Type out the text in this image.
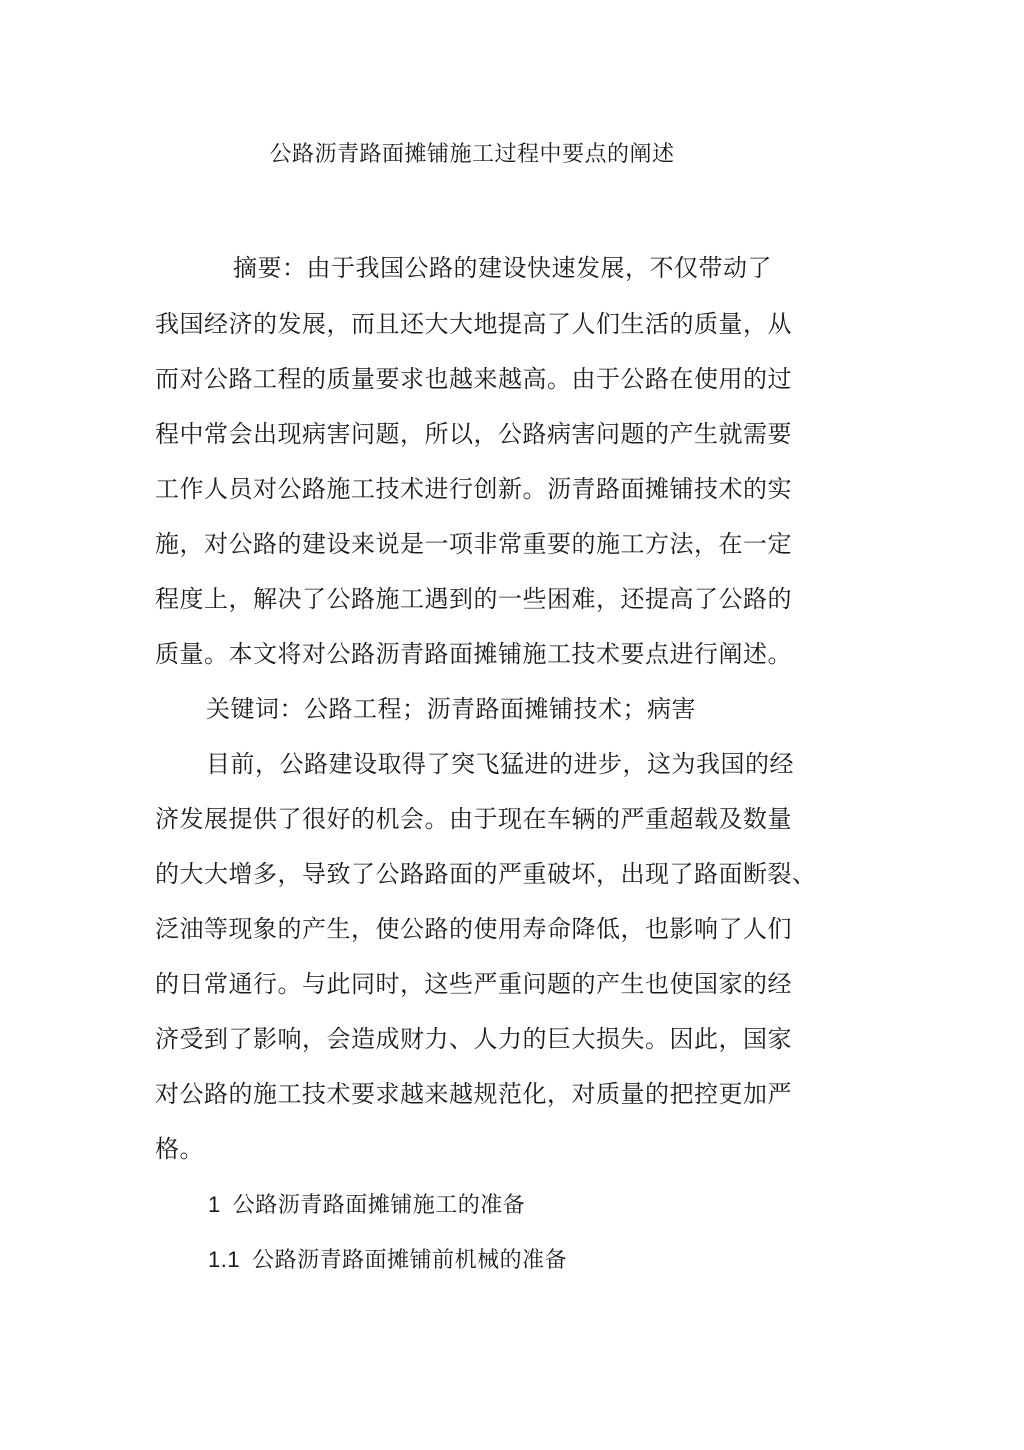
公路沥青路面摊铺施工过程中要点的阐述
摘要：由于我国公路的建设快速发展，不仅带动了
我国经济的发展，而且还大大地提高了人们生活的质量，从
而对公路工程的质量要求也越来越高。由于公路在使用的过
程中常会出现病害问题，所以，公路病害问题的产生就需要
工作人员对公路施工技术进行创新。沥青路面摊铺技术的实
施，对公路的建设来说是一项非常重要的施工方法，在一定
程度上，解决了公路施工遇到的一些困难，还提高了公路的
质量。本文将对公路沥青路面摊铺施工技术要点进行阐述。
关键词：公路工程；沥青路面摊铺技术；病害
目前，公路建设取得了突飞猛进的进步，这为我国的经
济发展提供了很好的机会。由于现在车辆的严重超载及数量
的大大增多，导致了公路路面的严重破坏，出现了路面断裂、
泛油等现象的产生，使公路的使用寿命降低，也影响了人们
的日常通行。与此同时，这些严重问题的产生也使国家的经
济受到了影响，会造成财力、人力的巨大损失。因此，国家
对公路的施工技术要求越来越规范化，对质量的把控更加严
格。
1 公路沥青路面摊铺施工的准备
1.1 公路沥青路面摊铺前机械的准备
